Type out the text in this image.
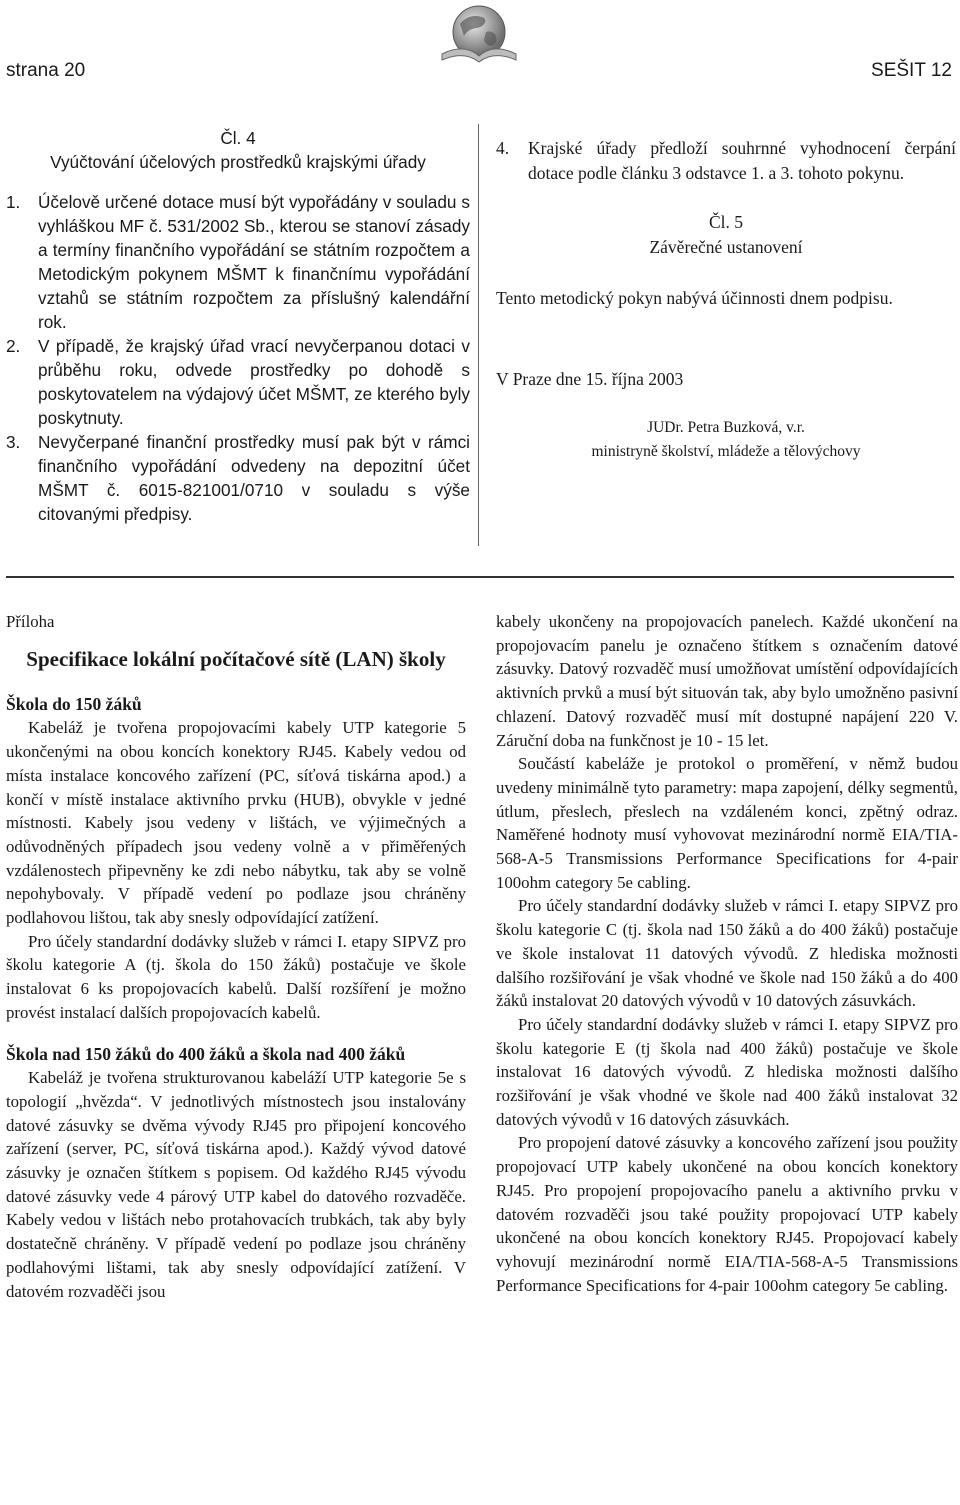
strana 20	SEŠIT 12
Čl. 4
Vyúčtování účelových prostředků krajskými úřady

1. Účelově určené dotace musí být vypořádány v souladu s vyhláškou MF č. 531/2002 Sb., kterou se stanoví zásady a termíny finančního vypořádání se státním rozpočtem a Metodickým pokynem MŠMT k finančnímu vypořádání vztahů se státním rozpočtem za příslušný kalendářní rok.

2. V případě, že krajský úřad vrací nevyčerpanou dotaci v průběhu roku, odvede prostředky po dohodě s poskytovatelem na výdajový účet MŠMT, ze kterého byly poskytnuty.

3. Nevyčerpané finanční prostředky musí pak být v rámci finančního vypořádání odvedeny na depozitní účet MŠMT č. 6015-821001/0710 v souladu s výše citovanými předpisy.

4. Krajské úřady předloží souhrnné vyhodnocení čerpání dotace podle článku 3 odstavce 1. a 3. tohoto pokynu.

Čl. 5

Závěrečné ustanovení

Tento metodický pokyn nabývá účinnosti dnem podpisu.

V Praze dne 15. října 2003

JUDr. Petra Buzková, v.r.

ministryně školství, mládeže a tělovýchovy

Příloha

Specifikace lokální počítačové sítě (LAN) školy

Škola do 150 žáků

Kabeláž je tvořena propojovacími kabely UTP kategorie 5 ukončenými na obou koncích konektory RJ45. Kabely vedou od místa instalace koncového zařízení (PC, síťová tiskárna apod.) a končí v místě instalace aktivního prvku (HUB), obvykle v jedné místnosti. Kabely jsou vedeny v lištách, ve výjimečných a odůvodněných případech jsou vedeny volně a v přiměřených vzdálenostech připevněny ke zdi nebo nábytku, tak aby se volně nepohybovaly. V případě vedení po podlaze jsou chráněny podlahovou lištou, tak aby snesly odpovídající zatížení.

Pro účely standardní dodávky služeb v rámci I. etapy SIPVZ pro školu kategorie A (tj. škola do 150 žáků) postačuje ve škole instalovat 6 ks propojovacích kabelů. Další rozšíření je možno provést instalací dalších propojovacích kabelů.

Škola nad 150 žáků do 400 žáků a škola nad 400 žáků

Kabeláž je tvořena strukturovanou kabeláží UTP kategorie 5e s topologií „hvězda“. V jednotlivých místnostech jsou instalovány datové zásuvky se dvěma vývody RJ45 pro připojení koncového zařízení (server, PC, síťová tiskárna apod.). Každý vývod datové zásuvky je označen štítkem s popisem. Od každého RJ45 vývodu datové zásuvky vede 4 párový UTP kabel do datového rozvaděče. Kabely vedou v lištách nebo protahovacích trubkách, tak aby byly dostatečně chráněny. V případě vedení po podlaze jsou chráněny podlahovými lištami, tak aby snesly odpovídající zatížení. V datovém rozvaděči jsou

kabely ukončeny na propojovacích panelech. Každé ukončení na propojovacím panelu je označeno štítkem s označením datové zásuvky. Datový rozvaděč musí umožňovat umístění odpovídajících aktivních prvků a musí být situován tak, aby bylo umožněno pasivní chlazení. Datový rozvaděč musí mít dostupné napájení 220 V. Záruční doba na funkčnost je 10 - 15 let.

Součástí kabeláže je protokol o proměření, v němž budou uvedeny minimálně tyto parametry: mapa zapojení, délky segmentů, útlum, přeslech, přeslech na vzdáleném konci, zpětný odraz. Naměřené hodnoty musí vyhovovat mezinárodní normě EIA/TIA-568-A-5 Transmissions Performance Specifications for 4-pair 100ohm category 5e cabling.

Pro účely standardní dodávky služeb v rámci I. etapy SIPVZ pro školu kategorie C (tj. škola nad 150 žáků a do 400 žáků) postačuje ve škole instalovat 11 datových vývodů. Z hlediska možnosti dalšího rozšiřování je však vhodné ve škole nad 150 žáků a do 400 žáků instalovat 20 datových vývodů v 10 datových zásuvkách.

Pro účely standardní dodávky služeb v rámci I. etapy SIPVZ pro školu kategorie E (tj škola nad 400 žáků) postačuje ve škole instalovat 16 datových vývodů. Z hlediska možnosti dalšího rozšiřování je však vhodné ve škole nad 400 žáků instalovat 32 datových vývodů v 16 datových zásuvkách.

Pro propojení datové zásuvky a koncového zařízení jsou použity propojovací UTP kabely ukončené na obou koncích konektory RJ45. Pro propojení propojovacího panelu a aktivního prvku v datovém rozvaděči jsou také použity propojovací UTP kabely ukončené na obou koncích konektory RJ45. Propojovací kabely vyhovují mezinárodní normě EIA/TIA-568-A-5 Transmissions Performance Specifications for 4-pair 100ohm category 5e cabling.
